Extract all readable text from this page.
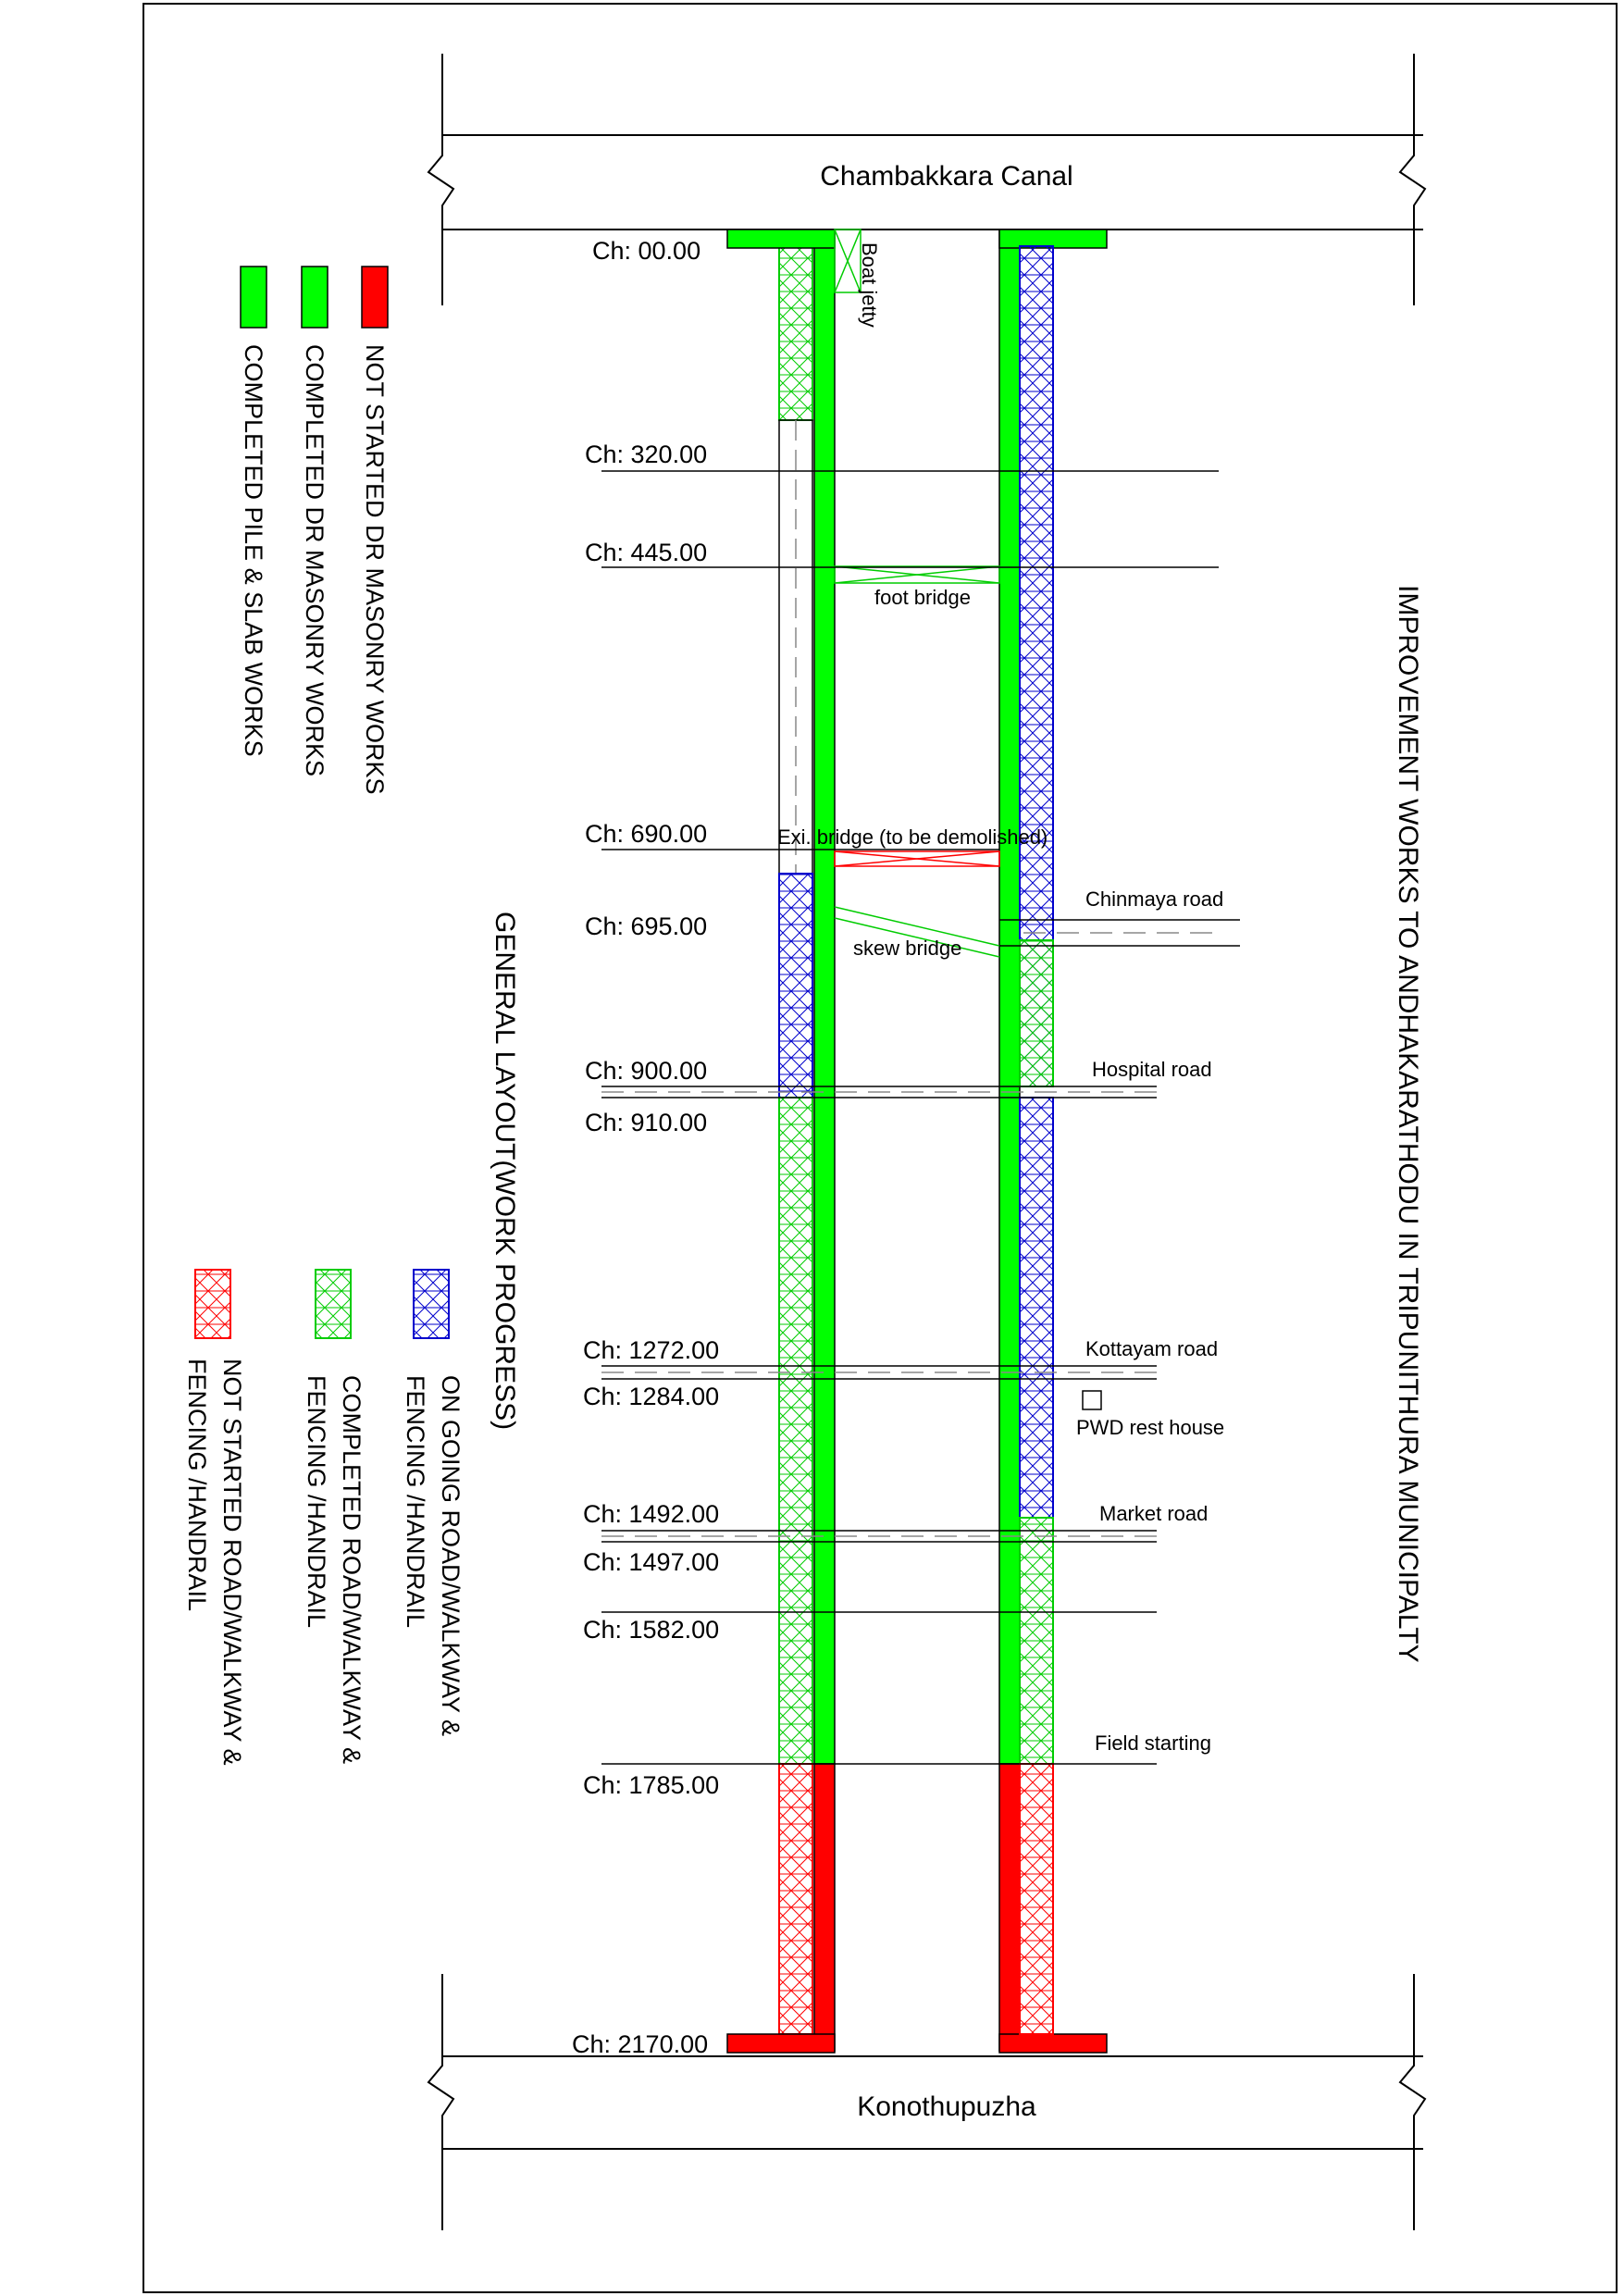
Chambakkara Canal
Konothupuzha
Boat jetty
foot bridge
Exi. bridge (to be demolished)
skew bridge
Chinmaya road
Hospital road
Kottayam road
PWD rest house
Market road
Field starting
Ch: 00.00
Ch: 320.00
Ch: 445.00
Ch: 690.00
Ch: 695.00
Ch: 900.00
Ch: 910.00
Ch: 1272.00
Ch: 1284.00
Ch: 1492.00
Ch: 1497.00
Ch: 1582.00
Ch: 1785.00
Ch: 2170.00
IMPROVEMENT WORKS TO ANDHAKARATHODU IN TRIPUNITHURA MUNICIPALTY
GENERAL LAYOUT(WORK PROGRESS)
NOT STARTED DR MASONRY WORKS
COMPLETED DR MASONRY WORKS
COMPLETED PILE & SLAB WORKS
ON GOING ROAD/WALKWAY &
FENCING /HANDRAIL
COMPLETED ROAD/WALKWAY &
FENCING /HANDRAIL
NOT STARTED ROAD/WALKWAY &
FENCING /HANDRAIL
